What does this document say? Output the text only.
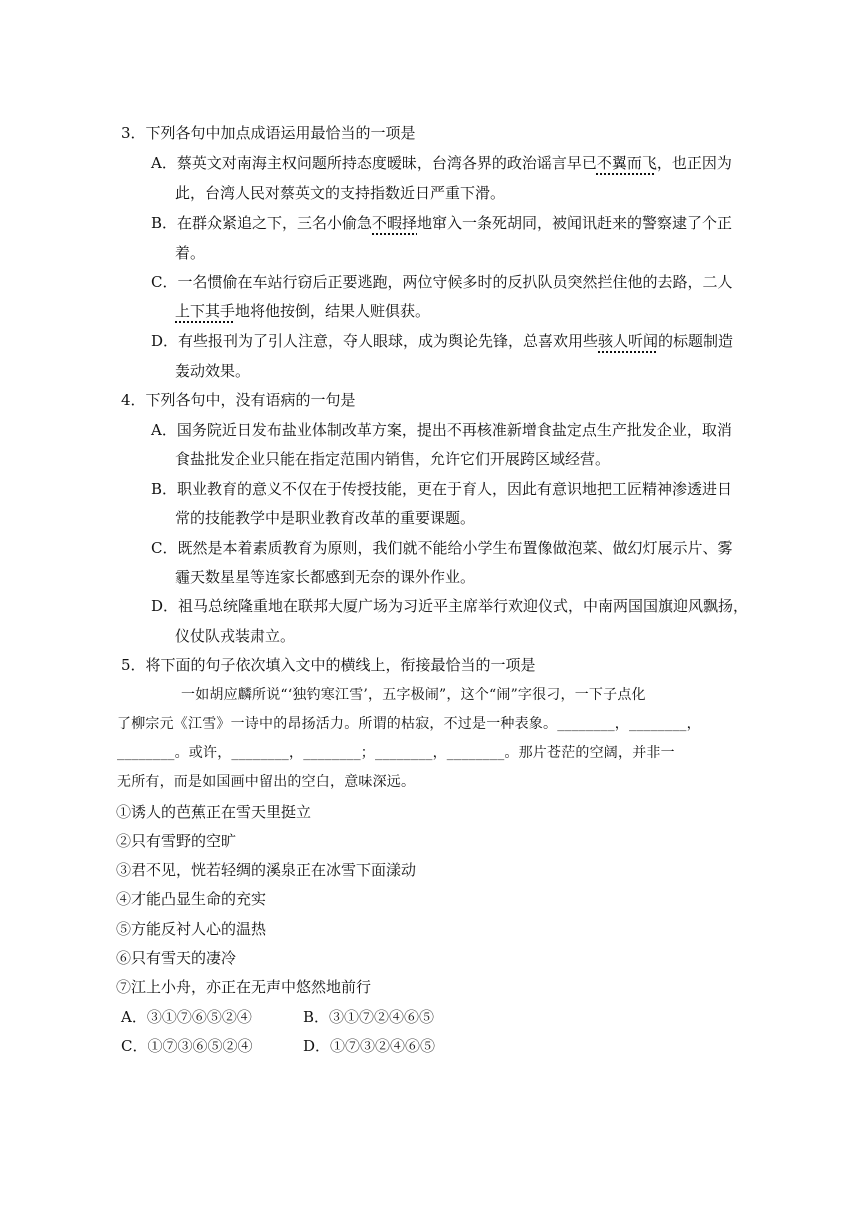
3．下列各句中加点成语运用最恰当的一项是
A．蔡英文对南海主权问题所持态度暧昧，台湾各界的政治谣言早已不翼而飞，也正因为
此，台湾人民对蔡英文的支持指数近日严重下滑。
B．在群众紧追之下，三名小偷急不暇择地窜入一条死胡同，被闻讯赶来的警察逮了个正
着。
C．一名惯偷在车站行窃后正要逃跑，两位守候多时的反扒队员突然拦住他的去路，二人
上下其手地将他按倒，结果人赃俱获。
D．有些报刊为了引人注意，夺人眼球，成为舆论先锋，总喜欢用些骇人听闻的标题制造
轰动效果。
4．下列各句中，没有语病的一句是
A．国务院近日发布盐业体制改革方案，提出不再核准新增食盐定点生产批发企业，取消
食盐批发企业只能在指定范围内销售，允许它们开展跨区域经营。
B．职业教育的意义不仅在于传授技能，更在于育人，因此有意识地把工匠精神渗透进日
常的技能教学中是职业教育改革的重要课题。
C．既然是本着素质教育为原则，我们就不能给小学生布置像做泡菜、做幻灯展示片、雾
霾天数星星等连家长都感到无奈的课外作业。
D．祖马总统隆重地在联邦大厦广场为习近平主席举行欢迎仪式，中南两国国旗迎风飘扬，
仪仗队戎装肃立。
5．将下面的句子依次填入文中的横线上，衔接最恰当的一项是
一如胡应麟所说“‘独钓寒江雪’，五字极闹”，这个“闹”字很刁，一下子点化
了柳宗元《江雪》一诗中的昂扬活力。所谓的枯寂，不过是一种表象。________，________，
________。或许，________，________；________，________。那片苍茫的空阔，并非一
无所有，而是如国画中留出的空白，意味深远。
①诱人的芭蕉正在雪天里挺立
②只有雪野的空旷
③君不见，恍若轻绸的溪泉正在冰雪下面漾动
④才能凸显生命的充实
⑤方能反衬人心的温热
⑥只有雪天的凄冷
⑦江上小舟，亦正在无声中悠然地前行
A．③①⑦⑥⑤②④	B．③①⑦②④⑥⑤
C．①⑦③⑥⑤②④	D．①⑦③②④⑥⑤
